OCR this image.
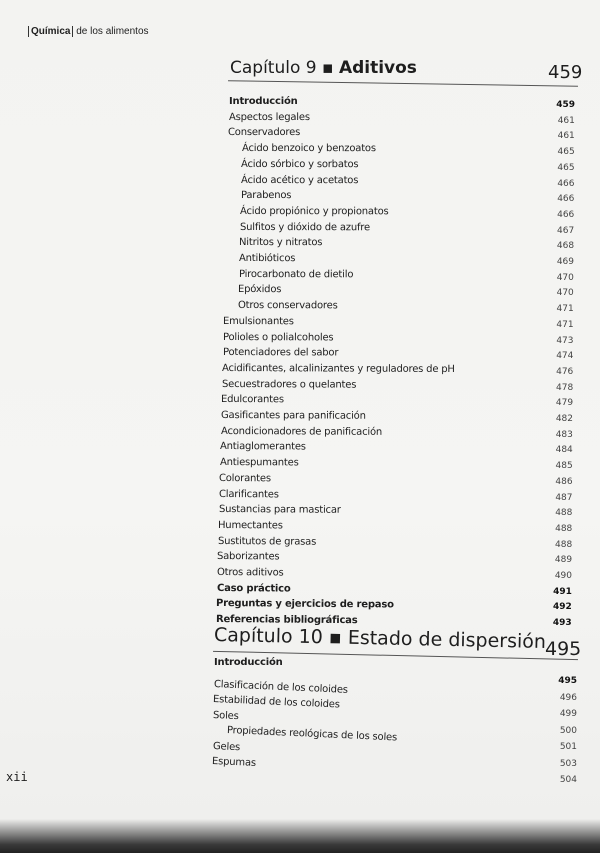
Química de los alimentos
Capítulo 9 ▪ Aditivos	459
Introducción
Aspectos legales
Conservadores
Ácido benzoico y benzoatos
Ácido sórbico y sorbatos
Ácido acético y acetatos
Parabenos
Ácido propiónico y propionatos
Sulfitos y dióxido de azufre
Nitritos y nitratos
Antibióticos
Pirocarbonato de dietilo
Epóxidos
Otros conservadores
Emulsionantes
Polioles o polialcoholes
Potenciadores del sabor
Acidificantes, alcalinizantes y reguladores de pH
Secuestradores o quelantes
Edulcorantes
Gasificantes para panificación
Acondicionadores de panificación
Antiaglomerantes
Antiespumantes
Colorantes
Clarificantes
Sustancias para masticar
Humectantes
Sustitutos de grasas
Saborizantes
Otros aditivos
Caso práctico
Preguntas y ejercicios de repaso
Referencias bibliográficas
459
461
461
465
465
466
466
466
467
468
469
470
470
471
471
473
474
476
478
479
482
483
484
485
486
487
488
488
488
489
490
491
492
493
Capítulo 10 ▪ Estado de dispersión
495
Introducción
Clasificación de los coloides
Estabilidad de los coloides
Soles
Propiedades reológicas de los soles
Geles
Espumas
495
496
499
500
501
503
504
xii
